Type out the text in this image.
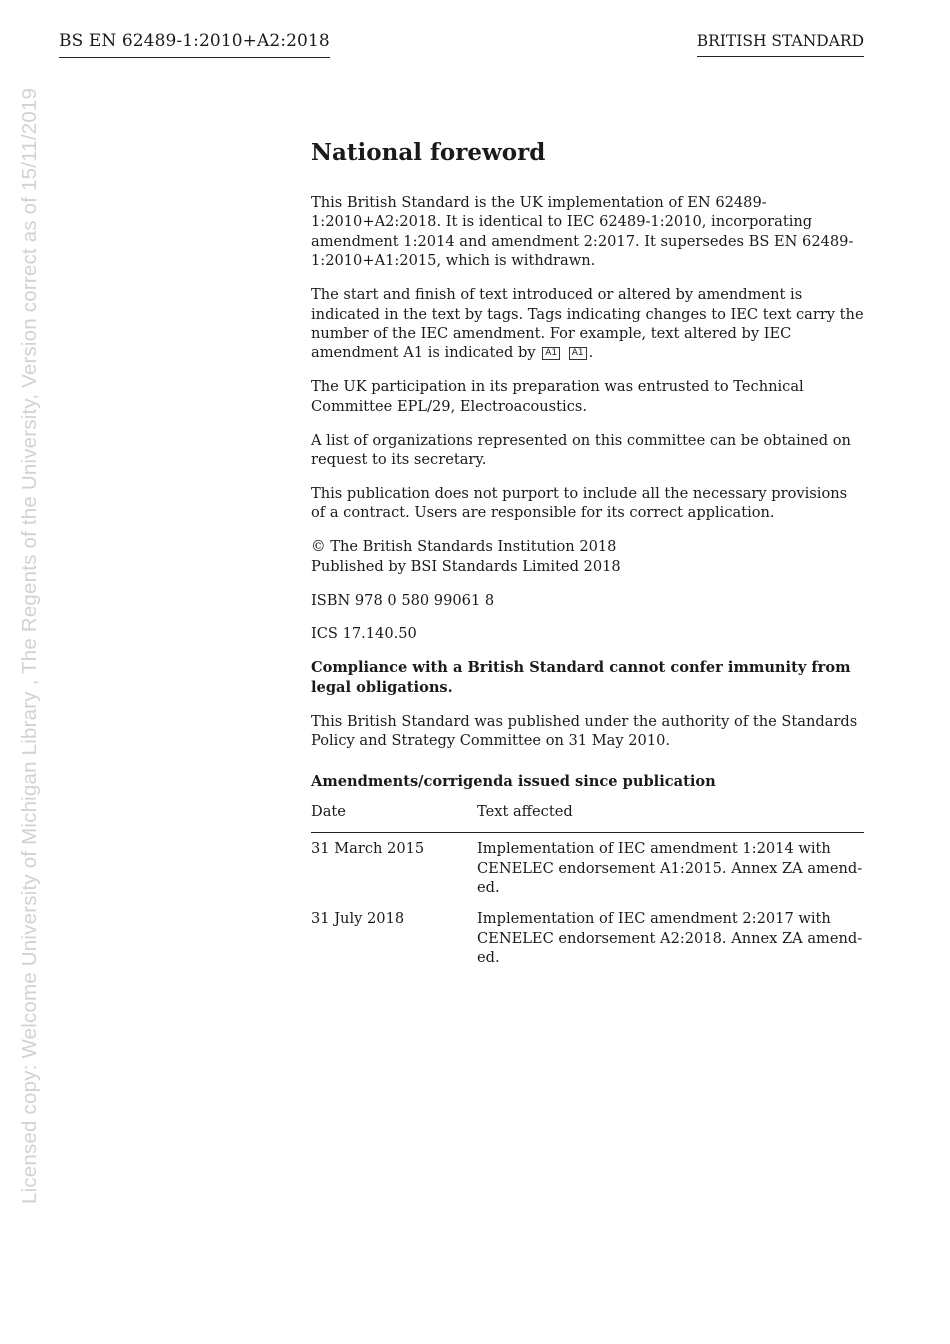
BS EN 62489-1:2010+A2:2018	BRITISH STANDARD
Licensed copy: Welcome University of Michigan Library , The Regents of the University, Version correct as of 15/11/2019	National foreword

This British Standard is the UK implementation of EN 62489-1:2010+A2:2018. It is identical to IEC 62489-1:2010, incorporating amendment 1:2014 and amendment 2:2017. It supersedes BS EN 62489-1:2010+A1:2015, which is withdrawn.

The start and finish of text introduced or altered by amendment is indicated in the text by tags. Tags indicating changes to IEC text carry the number of the IEC amendment. For example, text altered by IEC amendment A1 is indicated by A1 A1 .

The UK participation in its preparation was entrusted to Technical Committee EPL/29, Electroacoustics.

A list of organizations represented on this committee can be obtained on request to its secretary.

This publication does not purport to include all the necessary provisions of a contract. Users are responsible for its correct application.

© The British Standards Institution 2018
Published by BSI Standards Limited 2018

ISBN 978 0 580 99061 8

ICS 17.140.50

Compliance with a British Standard cannot confer immunity from legal obligations.

This British Standard was published under the authority of the Standards Policy and Strategy Committee on 31 May 2010.

Amendments/corrigenda issued since publication
Date	Text affected
31 March 2015	Implementation of IEC amendment 1:2014 with CENELEC endorsement A1:2015. Annex ZA amend-ed.
31 July 2018	Implementation of IEC amendment 2:2017 with CENELEC endorsement A2:2018. Annex ZA amend-ed.
